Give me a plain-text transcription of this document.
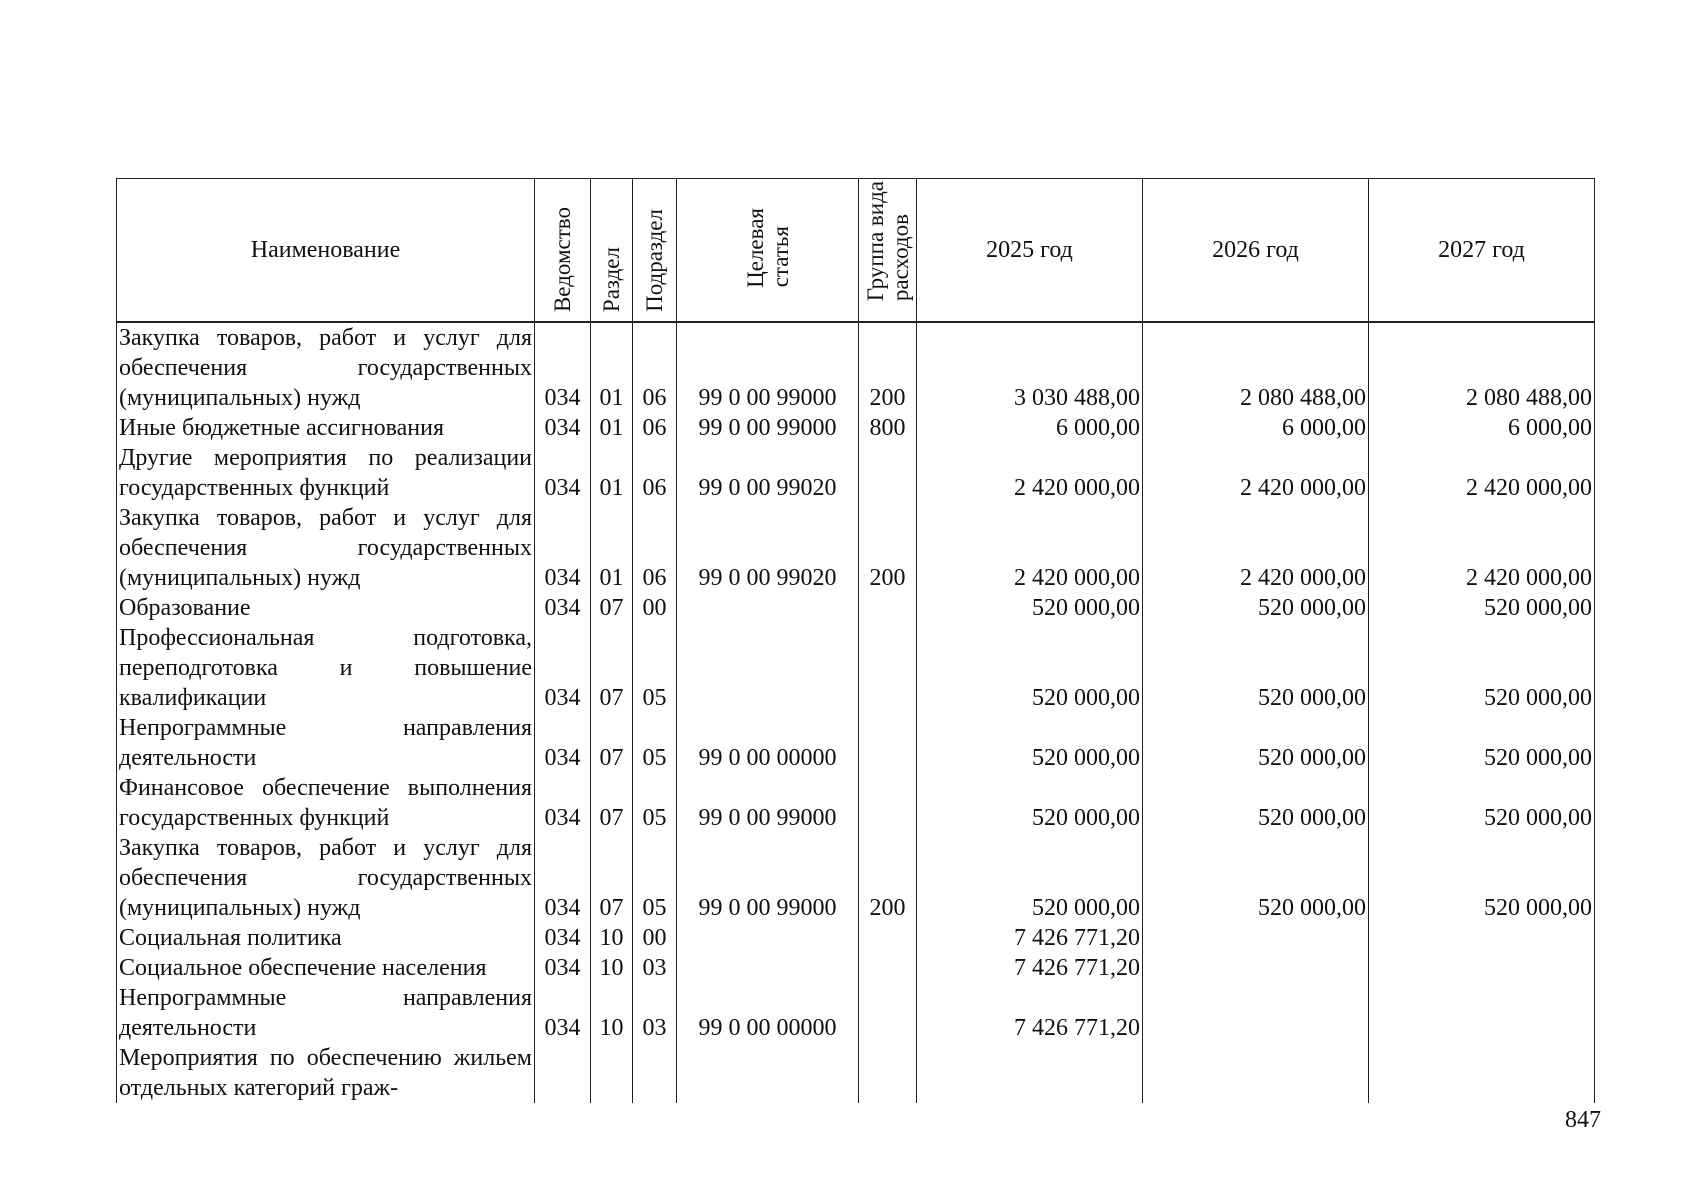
Наименование	Ведомство	Раздел	Подраздел	Целеваястатья	Группа видарасходов	2025 год	2026 год	2027 год
Закупка товаров, работ и услуг для обеспечения государственных (муниципальных) нужд	034	01	06	99 0 00 99000	200	3 030 488,00	2 080 488,00	2 080 488,00
Иные бюджетные ассигнования	034	01	06	99 0 00 99000	800	6 000,00	6 000,00	6 000,00
Другие мероприятия по реализации государственных функций	034	01	06	99 0 00 99020		2 420 000,00	2 420 000,00	2 420 000,00
Закупка товаров, работ и услуг для обеспечения государственных (муниципальных) нужд	034	01	06	99 0 00 99020	200	2 420 000,00	2 420 000,00	2 420 000,00
Образование	034	07	00			520 000,00	520 000,00	520 000,00
Профессиональная подготовка, переподготовка и повышение квалификации	034	07	05			520 000,00	520 000,00	520 000,00
Непрограммные направления деятельности	034	07	05	99 0 00 00000		520 000,00	520 000,00	520 000,00
Финансовое обеспечение выполнения государственных функций	034	07	05	99 0 00 99000		520 000,00	520 000,00	520 000,00
Закупка товаров, работ и услуг для обеспечения государственных (муниципальных) нужд	034	07	05	99 0 00 99000	200	520 000,00	520 000,00	520 000,00
Социальная политика	034	10	00			7 426 771,20		
Социальное обеспечение населения	034	10	03			7 426 771,20		
Непрограммные направления деятельности	034	10	03	99 0 00 00000		7 426 771,20		
Мероприятия по обеспечению жильем отдельных категорий граж-								
847
